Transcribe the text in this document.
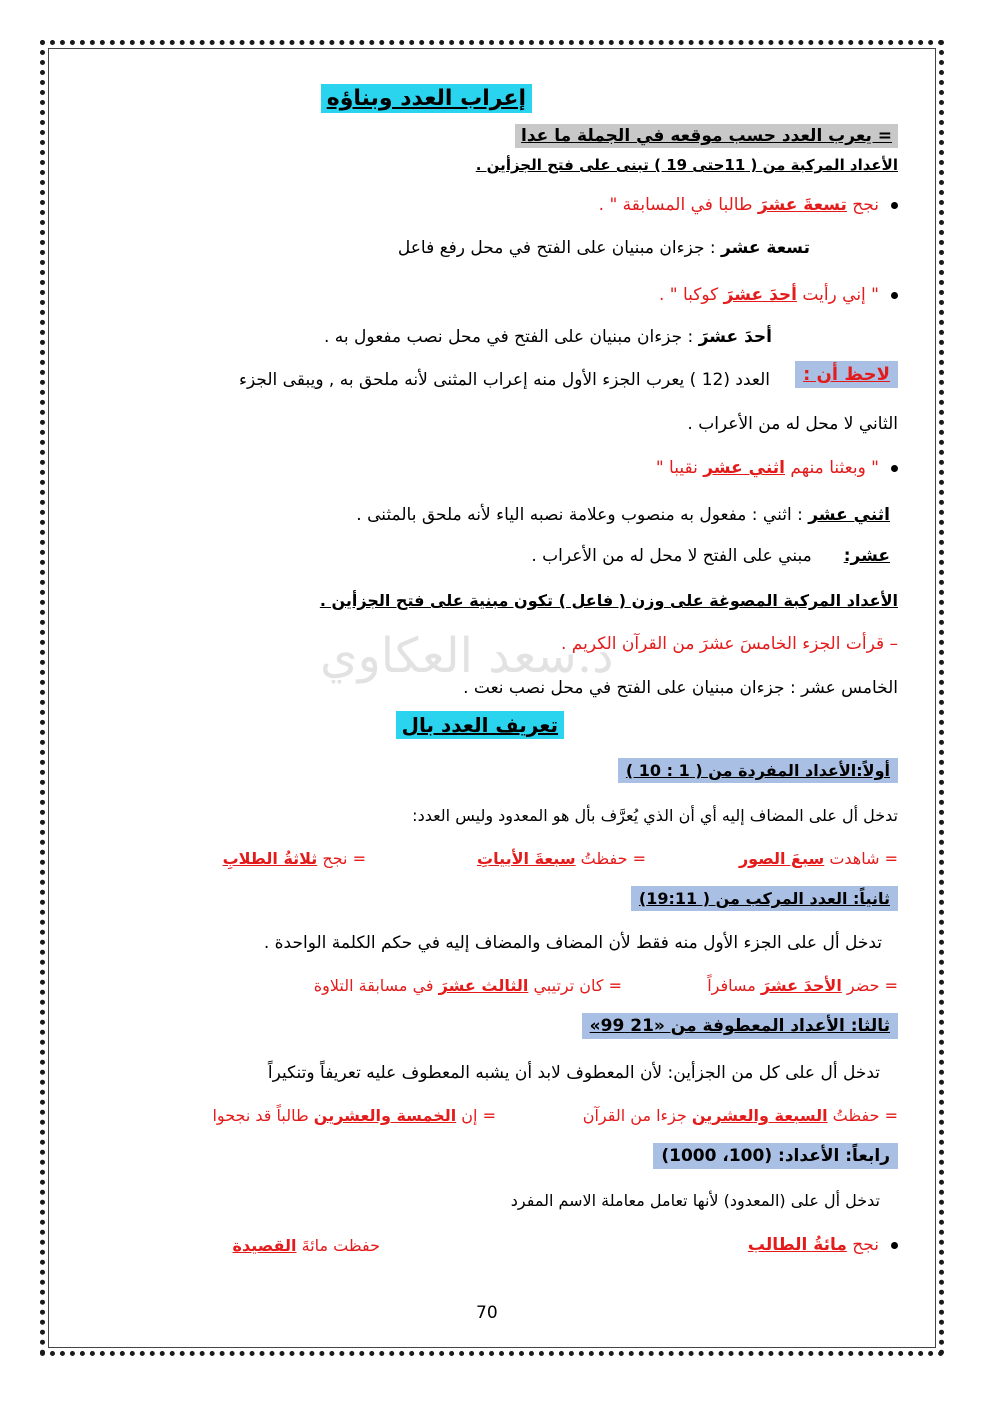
د.سعد العكاوي
إعراب العدد وبناؤه
= يعرب العدد حسب موقعه في الجملة ما عدا
الأعداد المركبة من ( 11حتى 19 ) تبنى على فتح الجزأين .
نجح تسعةَ عشرَ طالبا في المسابقة " .
تسعة عشر : جزءان مبنيان على الفتح في محل رفع فاعل
" إني رأيت أحدَ عشرَ كوكبا " .
أحدَ عشرَ : جزءان مبنيان على الفتح في محل نصب مفعول به .
لاحظ أن :
العدد (12 ) يعرب الجزء الأول منه إعراب المثنى لأنه ملحق به , ويبقى الجزء
الثاني لا محل له من الأعراب .
" وبعثنا منهم اثني عشر نقيبا "
اثني عشر : اثني : مفعول به منصوب وعلامة نصبه الياء لأنه ملحق بالمثنى .
عشر:مبني على الفتح لا محل له من الأعراب .
الأعداد المركبة المصوغة على وزن ( فاعل ) تكون مبنية على فتح الجزأين .
– قرأت الجزء الخامسَ عشرَ من القرآن الكريم .
الخامس عشر : جزءان مبنيان على الفتح في محل نصب نعت .
تعريف العدد بال
أولاً:الأعداد المفردة من ( 1 : 10 )
تدخل أل على المضاف إليه أي أن الذي يُعرَّف بأل هو المعدود وليس العدد:
= شاهدت سبعَ الصور
= حفظتُ سبعةَ الأبياتِ
= نجح ثلاثةُ الطلابِ
ثانياً: العدد المركب من ( 19:11)
تدخل أل على الجزء الأول منه فقط لأن المضاف والمضاف إليه في حكم الكلمة الواحدة .
= حضر الأحدَ عشرَ مسافراً
= كان ترتيبي الثالث عشرَ في مسابقة التلاوة
ثالثا: الأعداد المعطوفة من «21 99»
تدخل أل على كل من الجزأين: لأن المعطوف لابد أن يشبه المعطوف عليه تعريفاً وتنكيراً
= حفظتُ السبعة والعشرين جزءا من القرآن
= إن الخمسة والعشرين طالباً قد نجحوا
رابعاً: الأعداد: (100، 1000)
تدخل أل على (المعدود) لأنها تعامل معاملة الاسم المفرد
نجح مائةُ الطالب
حفظت مائةَ القصيدة
70
